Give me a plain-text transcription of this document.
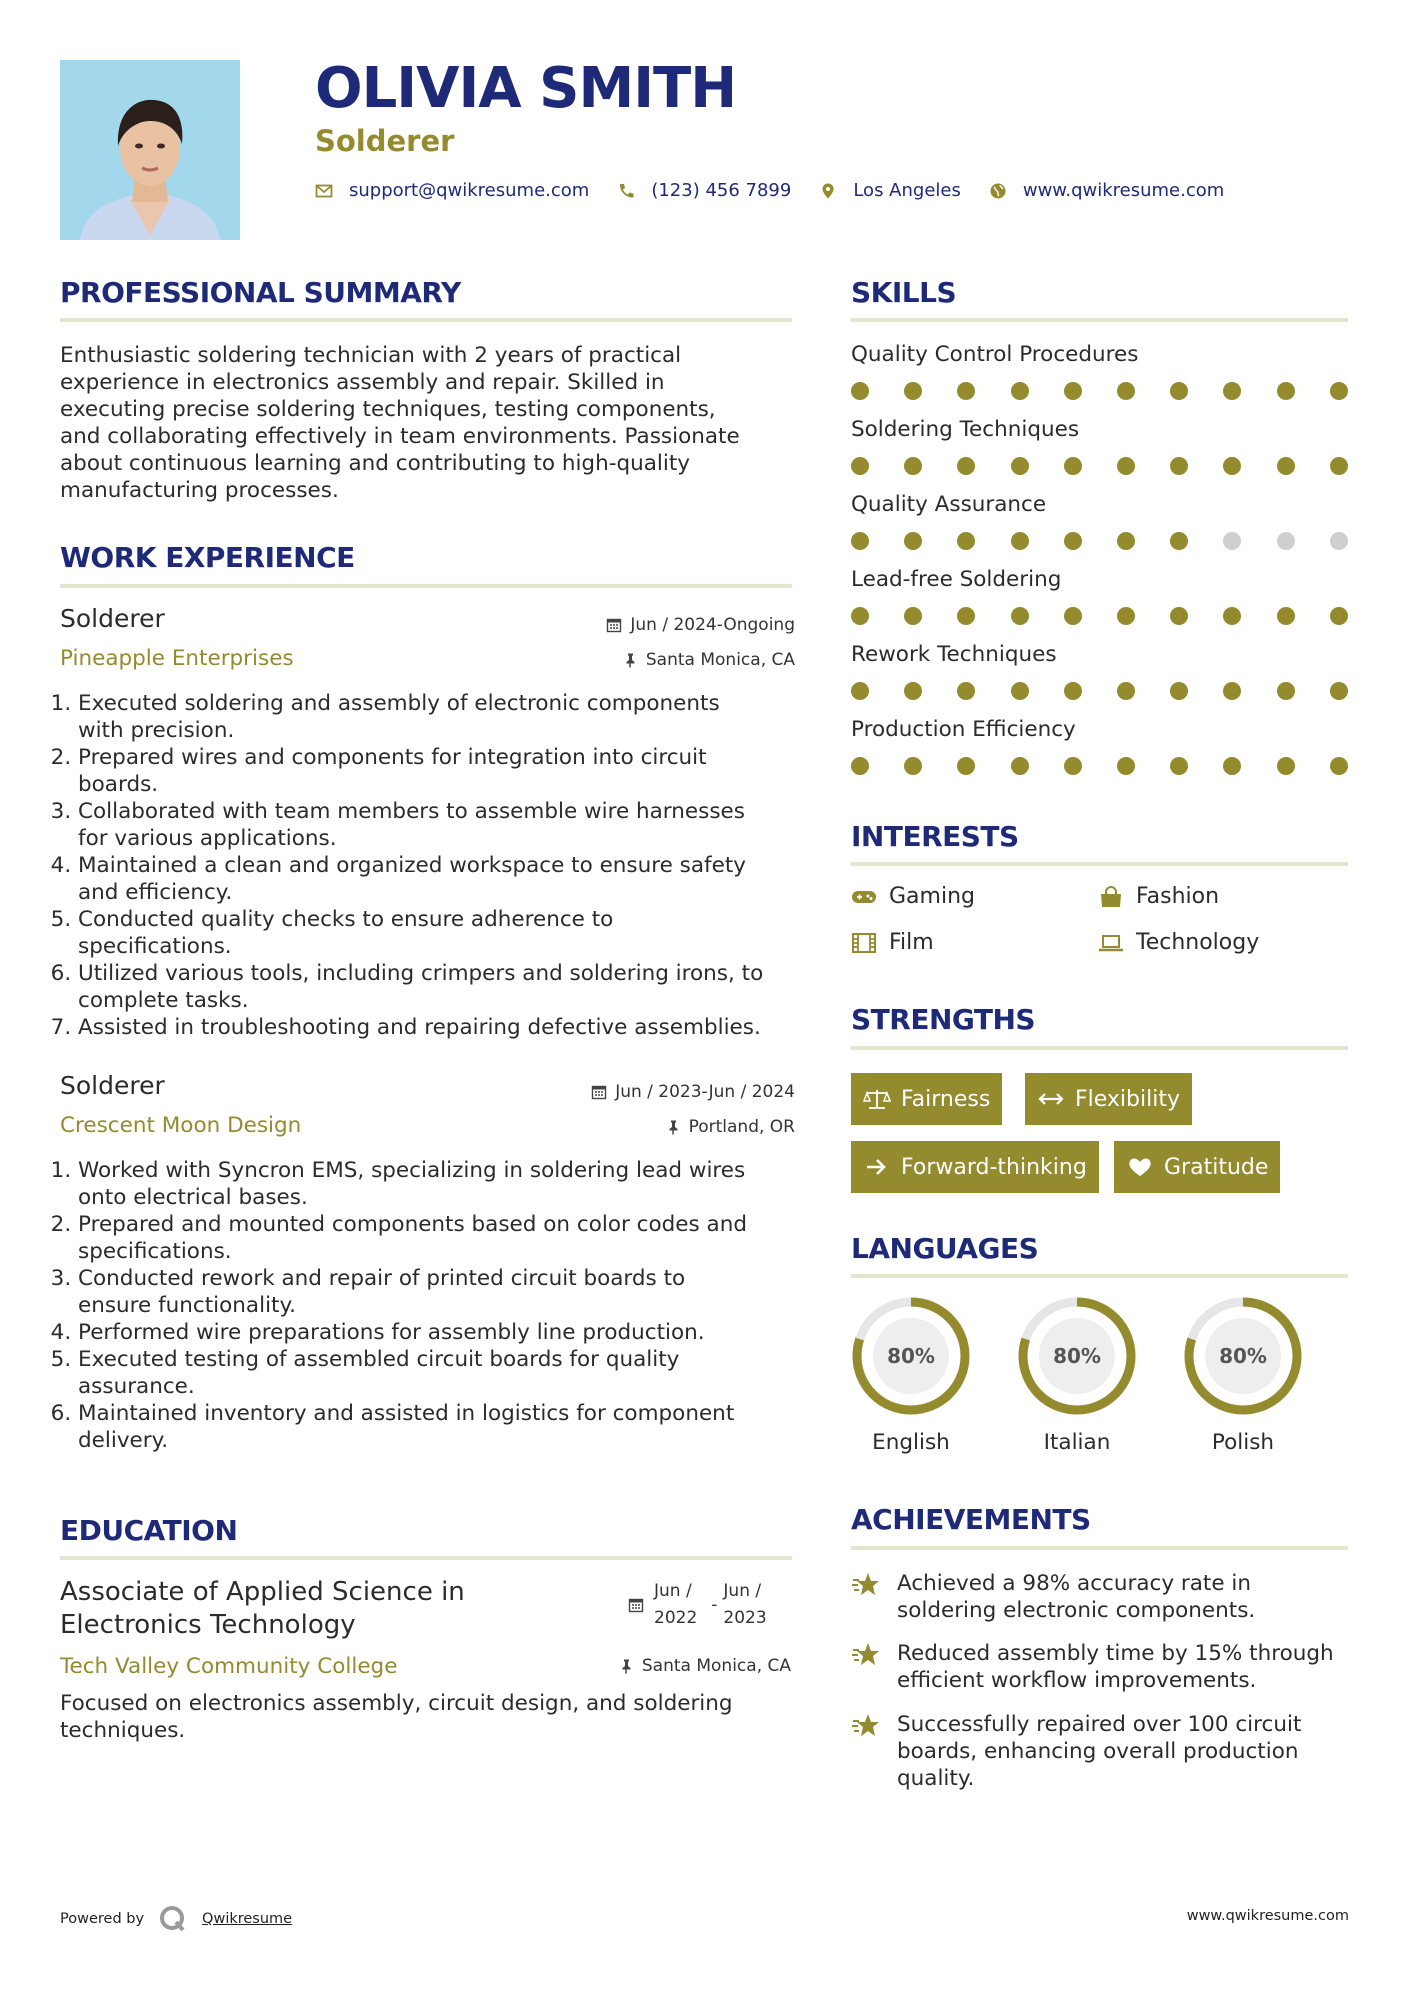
OLIVIA SMITH
Solderer
support@qwikresume.com	(123) 456 7899	Los Angeles	www.qwikresume.com
PROFESSIONAL SUMMARY
Enthusiastic soldering technician with 2 years of practical
experience in electronics assembly and repair. Skilled in
executing precise soldering techniques, testing components,
and collaborating effectively in team environments. Passionate
about continuous learning and contributing to high-quality
manufacturing processes.
WORK EXPERIENCE

Solderer	Jun / 2024-Ongoing

Pineapple Enterprises	Santa Monica, CA
1. Executed soldering and assembly of electronic components
with precision.
2. Prepared wires and components for integration into circuit
boards.
3. Collaborated with team members to assemble wire harnesses
for various applications.
4. Maintained a clean and organized workspace to ensure safety
and efficiency.
5. Conducted quality checks to ensure adherence to
specifications.
6. Utilized various tools, including crimpers and soldering irons, to
complete tasks.
7. Assisted in troubleshooting and repairing defective assemblies.

Solderer	Jun / 2023-Jun / 2024

Crescent Moon Design	Portland, OR
1. Worked with Syncron EMS, specializing in soldering lead wires
onto electrical bases.
2. Prepared and mounted components based on color codes and
specifications.
3. Conducted rework and repair of printed circuit boards to
ensure functionality.
4. Performed wire preparations for assembly line production.
5. Executed testing of assembled circuit boards for quality
assurance.
6. Maintained inventory and assisted in logistics for component
delivery.
EDUCATION
Associate of Applied Science in
Electronics Technology
Jun /
2022
-
Jun /
2023
Tech Valley Community College	Santa Monica, CA
Focused on electronics assembly, circuit design, and soldering
techniques.
SKILLS

Quality Control Procedures

Soldering Techniques

Quality Assurance

Lead-free Soldering

Rework Techniques

Production Efficiency

INTERESTS
Gaming	Fashion
Film	Technology
STRENGTHS
Fairness	Flexibility
Forward-thinking	Gratitude
LANGUAGES
80%
English
80%
Italian
80%
Polish
ACHIEVEMENTS
Achieved a 98% accuracy rate in
soldering electronic components.
Reduced assembly time by 15% through
efficient workflow improvements.
Successfully repaired over 100 circuit
boards, enhancing overall production
quality.
Powered by	Qwikresume	www.qwikresume.com
